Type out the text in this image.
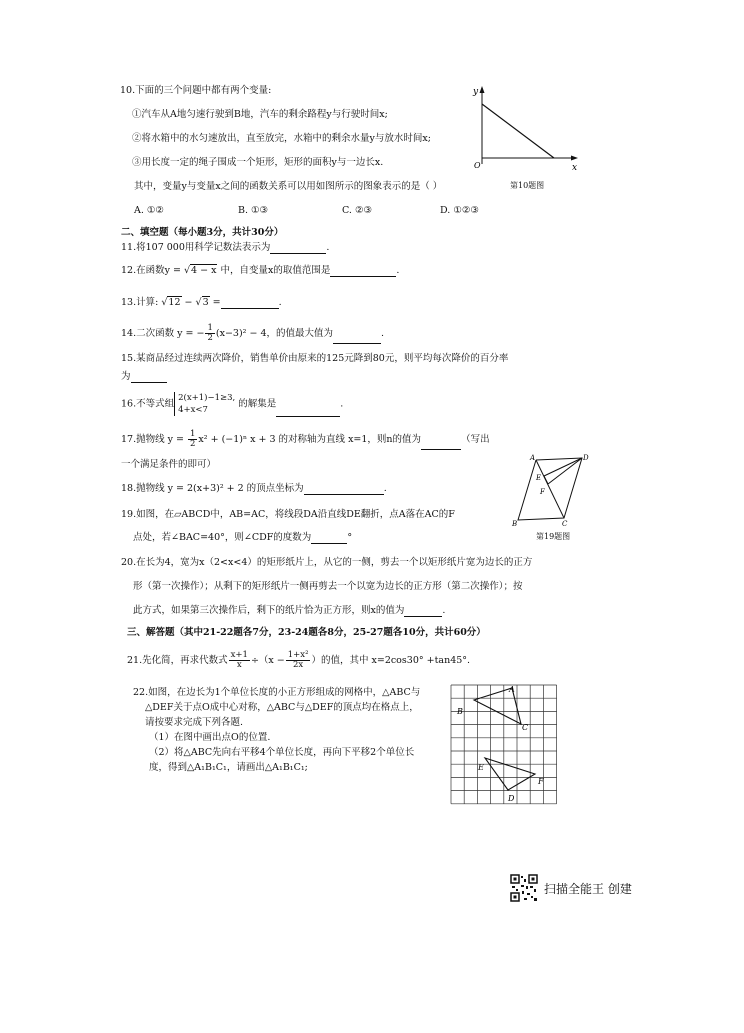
10.下面的三个问题中都有两个变量:
①汽车从A地匀速行驶到B地，汽车的剩余路程y与行驶时间x;
②将水箱中的水匀速放出，直至放完，水箱中的剩余水量y与放水时间x;
③用长度一定的绳子围成一个矩形，矩形的面积y与一边长x.
其中，变量y与变量x之间的函数关系可以用如图所示的图象表示的是（ ）
y
x
O
第10题图
A. ①②	B. ①③	C. ②③	D. ①②③
二、填空题（每小题3分，共计30分）
11.将107 000用科学记数法表示为	.
12.在函数y = √4 − x 中，自变量x的取值范围是	.
13.计算: √12 − √3 =	.
14.二次函数 y = − $\frac{1}{2} (x-3)^2 - 4$，的值最大值为	.
15.某商品经过连续两次降价，销售单价由原来的125元降到80元，则平均每次降价的百分率
为
16.不等式组
2(x+1)−1≥3,
4+x<7
的解集是	.
17.抛物线 $y = \frac{1}{2} x^2 + (-1)^n$ x + 3 的对称轴为直线 x=1，则n的值为	（写出
一个满足条件的即可）
18.抛物线 y = 2(x+3)² + 2 的顶点坐标为	.
A	D
E
F
B	C
第19题图
19.如图，在▱ABCD中，AB=AC，将线段DA沿直线DE翻折，点A落在AC的F
点处，若∠BAC=40°，则∠CDF的度数为	°
20.在长为4，宽为x（2<x<4）的矩形纸片上，从它的一侧，剪去一个以矩形纸片宽为边长的正方
形（第一次操作）；从剩下的矩形纸片一侧再剪去一个以宽为边长的正方形（第二次操作）；按
此方式，如果第三次操作后，剩下的纸片恰为正方形，则x的值为	.
三、解答题（其中21-22题各7分，23-24题各8分，25-27题各10分，共计60分）
21.先化简，再求代数式 $\frac{x+1}{x} \div(x - \frac{\text{1+x²}}{2x}$ ）的值，其中 x=2cos30° +tan45°.
22.如图，在边长为1个单位长度的小正方形组成的网格中，△ABC与
△DEF关于点O成中心对称，△ABC与△DEF的顶点均在格点上，
请按要求完成下列各题.
（1）在图中画出点O的位置.
（2）将△ABC先向右平移4个单位长度，再向下平移2个单位长
度，得到△A₁B₁C₁，请画出△A₁B₁C₁;
A
B
C
E
F
D
扫描全能王 创建
